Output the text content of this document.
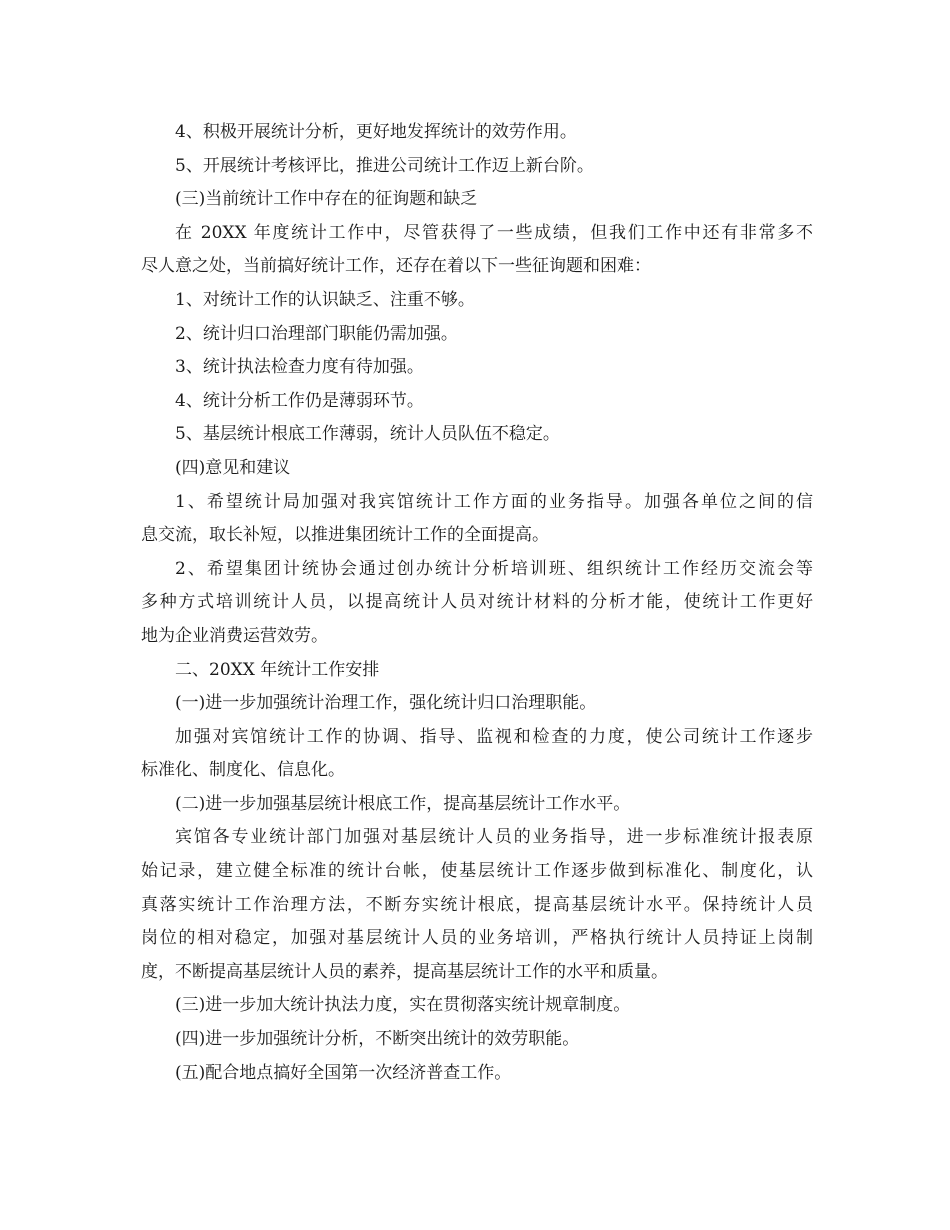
4、积极开展统计分析，更好地发挥统计的效劳作用。
5、开展统计考核评比，推进公司统计工作迈上新台阶。
(三)当前统计工作中存在的征询题和缺乏
在 20XX 年度统计工作中，尽管获得了一些成绩，但我们工作中还有非常多不
尽人意之处，当前搞好统计工作，还存在着以下一些征询题和困难：
1、对统计工作的认识缺乏、注重不够。
2、统计归口治理部门职能仍需加强。
3、统计执法检查力度有待加强。
4、统计分析工作仍是薄弱环节。
5、基层统计根底工作薄弱，统计人员队伍不稳定。
(四)意见和建议
1、希望统计局加强对我宾馆统计工作方面的业务指导。加强各单位之间的信
息交流，取长补短，以推进集团统计工作的全面提高。
2、希望集团计统协会通过创办统计分析培训班、组织统计工作经历交流会等
多种方式培训统计人员，以提高统计人员对统计材料的分析才能，使统计工作更好
地为企业消费运营效劳。
二、20XX 年统计工作安排
(一)进一步加强统计治理工作，强化统计归口治理职能。
加强对宾馆统计工作的协调、指导、监视和检查的力度，使公司统计工作逐步
标准化、制度化、信息化。
(二)进一步加强基层统计根底工作，提高基层统计工作水平。
宾馆各专业统计部门加强对基层统计人员的业务指导，进一步标准统计报表原
始记录，建立健全标准的统计台帐，使基层统计工作逐步做到标准化、制度化，认
真落实统计工作治理方法，不断夯实统计根底，提高基层统计水平。保持统计人员
岗位的相对稳定，加强对基层统计人员的业务培训，严格执行统计人员持证上岗制
度，不断提高基层统计人员的素养，提高基层统计工作的水平和质量。
(三)进一步加大统计执法力度，实在贯彻落实统计规章制度。
(四)进一步加强统计分析，不断突出统计的效劳职能。
(五)配合地点搞好全国第一次经济普查工作。
